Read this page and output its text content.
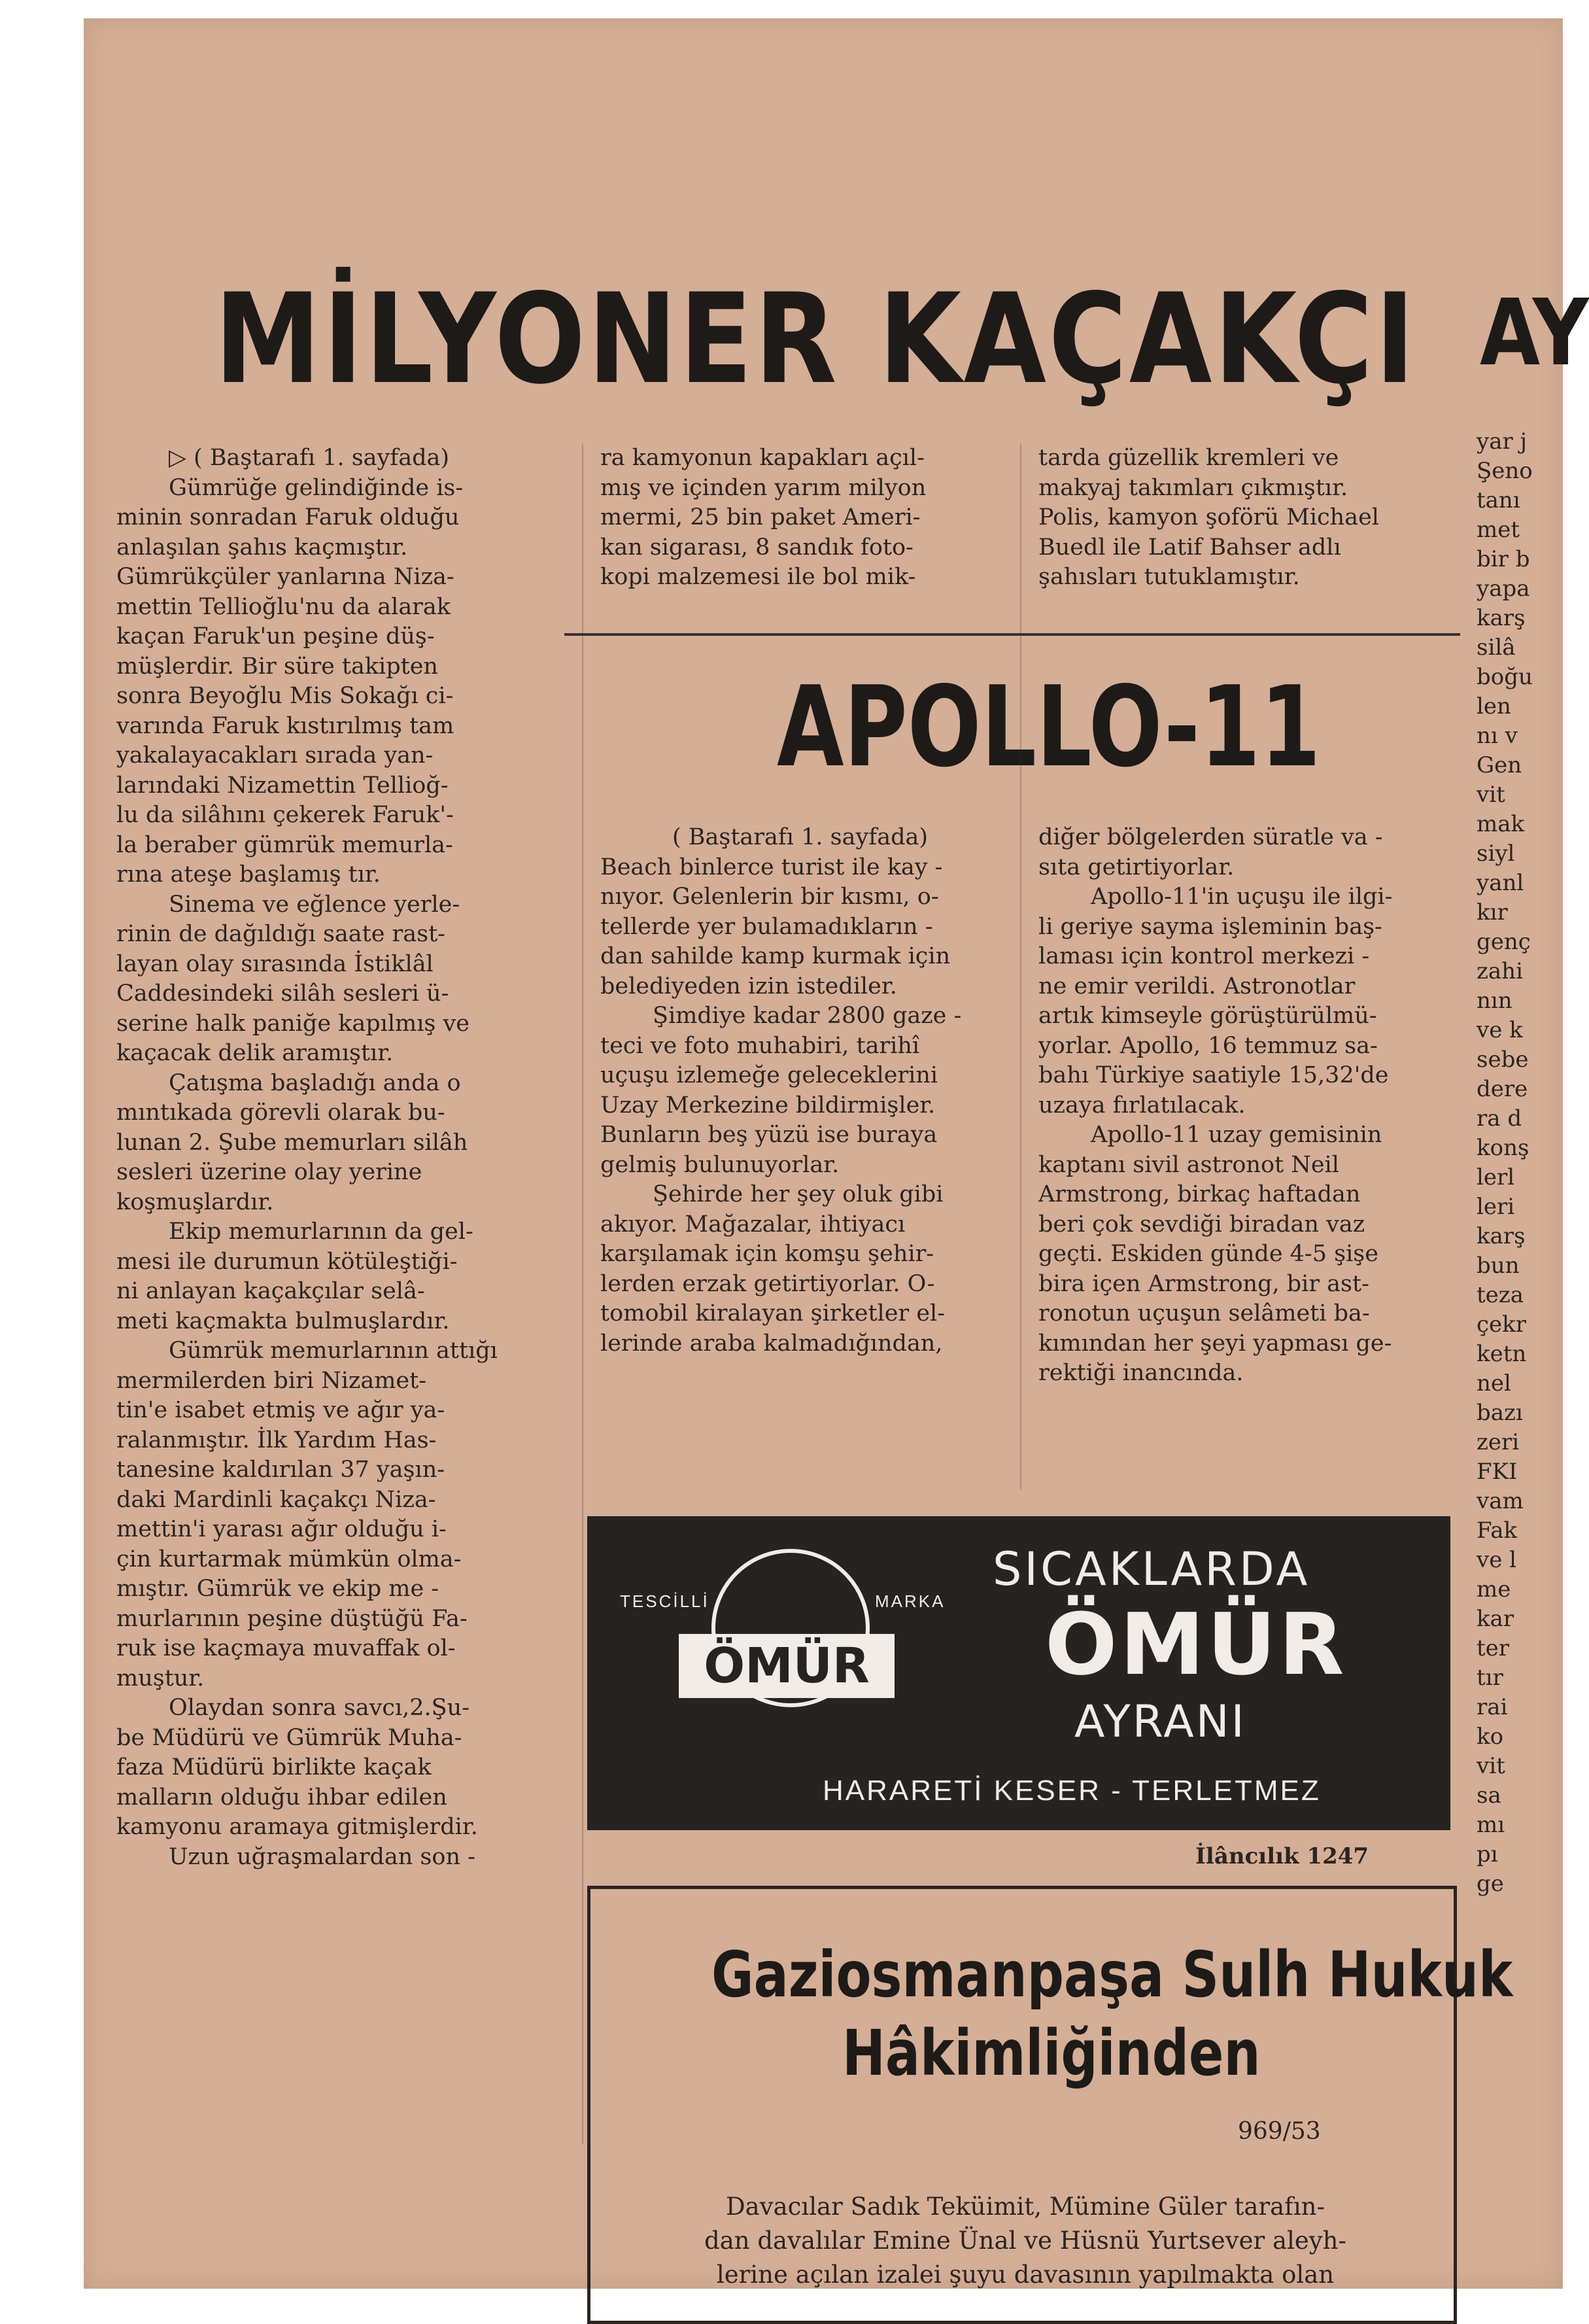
MİLYONER KAÇAKÇI AY

▷ ( Baştarafı 1. sayfada)

Gümrüğe gelindiğinde is-

minin sonradan Faruk olduğu

anlaşılan şahıs kaçmıştır.

Gümrükçüler yanlarına Niza-

mettin Tellioğlu'nu da alarak

kaçan Faruk'un peşine düş-

müşlerdir. Bir süre takipten

sonra Beyoğlu Mis Sokağı ci-

varında Faruk kıstırılmış tam

yakalayacakları sırada yan-

larındaki Nizamettin Tellioğ-

lu da silâhını çekerek Faruk'-

la beraber gümrük memurla-

rına ateşe başlamış tır.

Sinema ve eğlence yerle-

rinin de dağıldığı saate rast-

layan olay sırasında İstiklâl

Caddesindeki silâh sesleri ü-

serine halk paniğe kapılmış ve

kaçacak delik aramıştır.

Çatışma başladığı anda o

mıntıkada görevli olarak bu-

lunan 2. Şube memurları silâh

sesleri üzerine olay yerine

koşmuşlardır.

Ekip memurlarının da gel-

mesi ile durumun kötüleştiği-

ni anlayan kaçakçılar selâ-

meti kaçmakta bulmuşlardır.

Gümrük memurlarının attığı

mermilerden biri Nizamet-

tin'e isabet etmiş ve ağır ya-

ralanmıştır. İlk Yardım Has-

tanesine kaldırılan 37 yaşın-

daki Mardinli kaçakçı Niza-

mettin'i yarası ağır olduğu i-

çin kurtarmak mümkün olma-

mıştır. Gümrük ve ekip me -

murlarının peşine düştüğü Fa-

ruk ise kaçmaya muvaffak ol-

muştur.

Olaydan sonra savcı,2.Şu-

be Müdürü ve Gümrük Muha-

faza Müdürü birlikte kaçak

malların olduğu ihbar edilen

kamyonu aramaya gitmişlerdir.

Uzun uğraşmalardan son -

ra kamyonun kapakları açıl-

mış ve içinden yarım milyon

mermi, 25 bin paket Ameri-

kan sigarası, 8 sandık foto-

kopi malzemesi ile bol mik-

tarda güzellik kremleri ve

makyaj takımları çıkmıştır.

Polis, kamyon şoförü Michael

Buedl ile Latif Bahser adlı

şahısları tutuklamıştır.

APOLLO-11

( Baştarafı 1. sayfada)

Beach binlerce turist ile kay -

nıyor. Gelenlerin bir kısmı, o-

tellerde yer bulamadıkların -

dan sahilde kamp kurmak için

belediyeden izin istediler.

Şimdiye kadar 2800 gaze -

teci ve foto muhabiri, tarihî

uçuşu izlemeğe geleceklerini

Uzay Merkezine bildirmişler.

Bunların beş yüzü ise buraya

gelmiş bulunuyorlar.

Şehirde her şey oluk gibi

akıyor. Mağazalar, ihtiyacı

karşılamak için komşu şehir-

lerden erzak getirtiyorlar. O-

tomobil kiralayan şirketler el-

lerinde araba kalmadığından,

diğer bölgelerden süratle va -

sıta getirtiyorlar.

Apollo-11'in uçuşu ile ilgi-

li geriye sayma işleminin baş-

laması için kontrol merkezi -

ne emir verildi. Astronotlar

artık kimseyle görüştürülmü-

yorlar. Apollo, 16 temmuz sa-

bahı Türkiye saatiyle 15,32'de

uzaya fırlatılacak.

Apollo-11 uzay gemisinin

kaptanı sivil astronot Neil

Armstrong, birkaç haftadan

beri çok sevdiği biradan vaz

geçti. Eskiden günde 4-5 şişe

bira içen Armstrong, bir ast-

ronotun uçuşun selâmeti ba-

kımından her şeyi yapması ge-

rektiği inancında.

TESCİLLİ	MARKA
ÖMÜR
SICAKLARDA
ÖMÜR
AYRANI
HARARETİ KESER - TERLETMEZ
İlâncılık 1247
Gaziosmanpaşa Sulh Hukuk
Hâkimliğinden
969/53
Davacılar Sadık Teküimit, Mümine Güler tarafın-
dan davalılar Emine Ünal ve Hüsnü Yurtsever aleyh-
lerine açılan izalei şuyu davasının yapılmakta olan
yar j
Şeno
tanı
met
bir b
yapa
karş
silâ
boğu
len
nı v
Gen
vit
mak
siyl
yanl
kır
genç
zahi
nın
ve k
sebe
dere
ra d
konş
lerl
leri
karş
bun
teza
çekr
ketn
nel
bazı
zeri
FKI
vam
Fak
ve l
me
kar
ter
tır
rai
ko
vit
sa
mı
pı
ge
